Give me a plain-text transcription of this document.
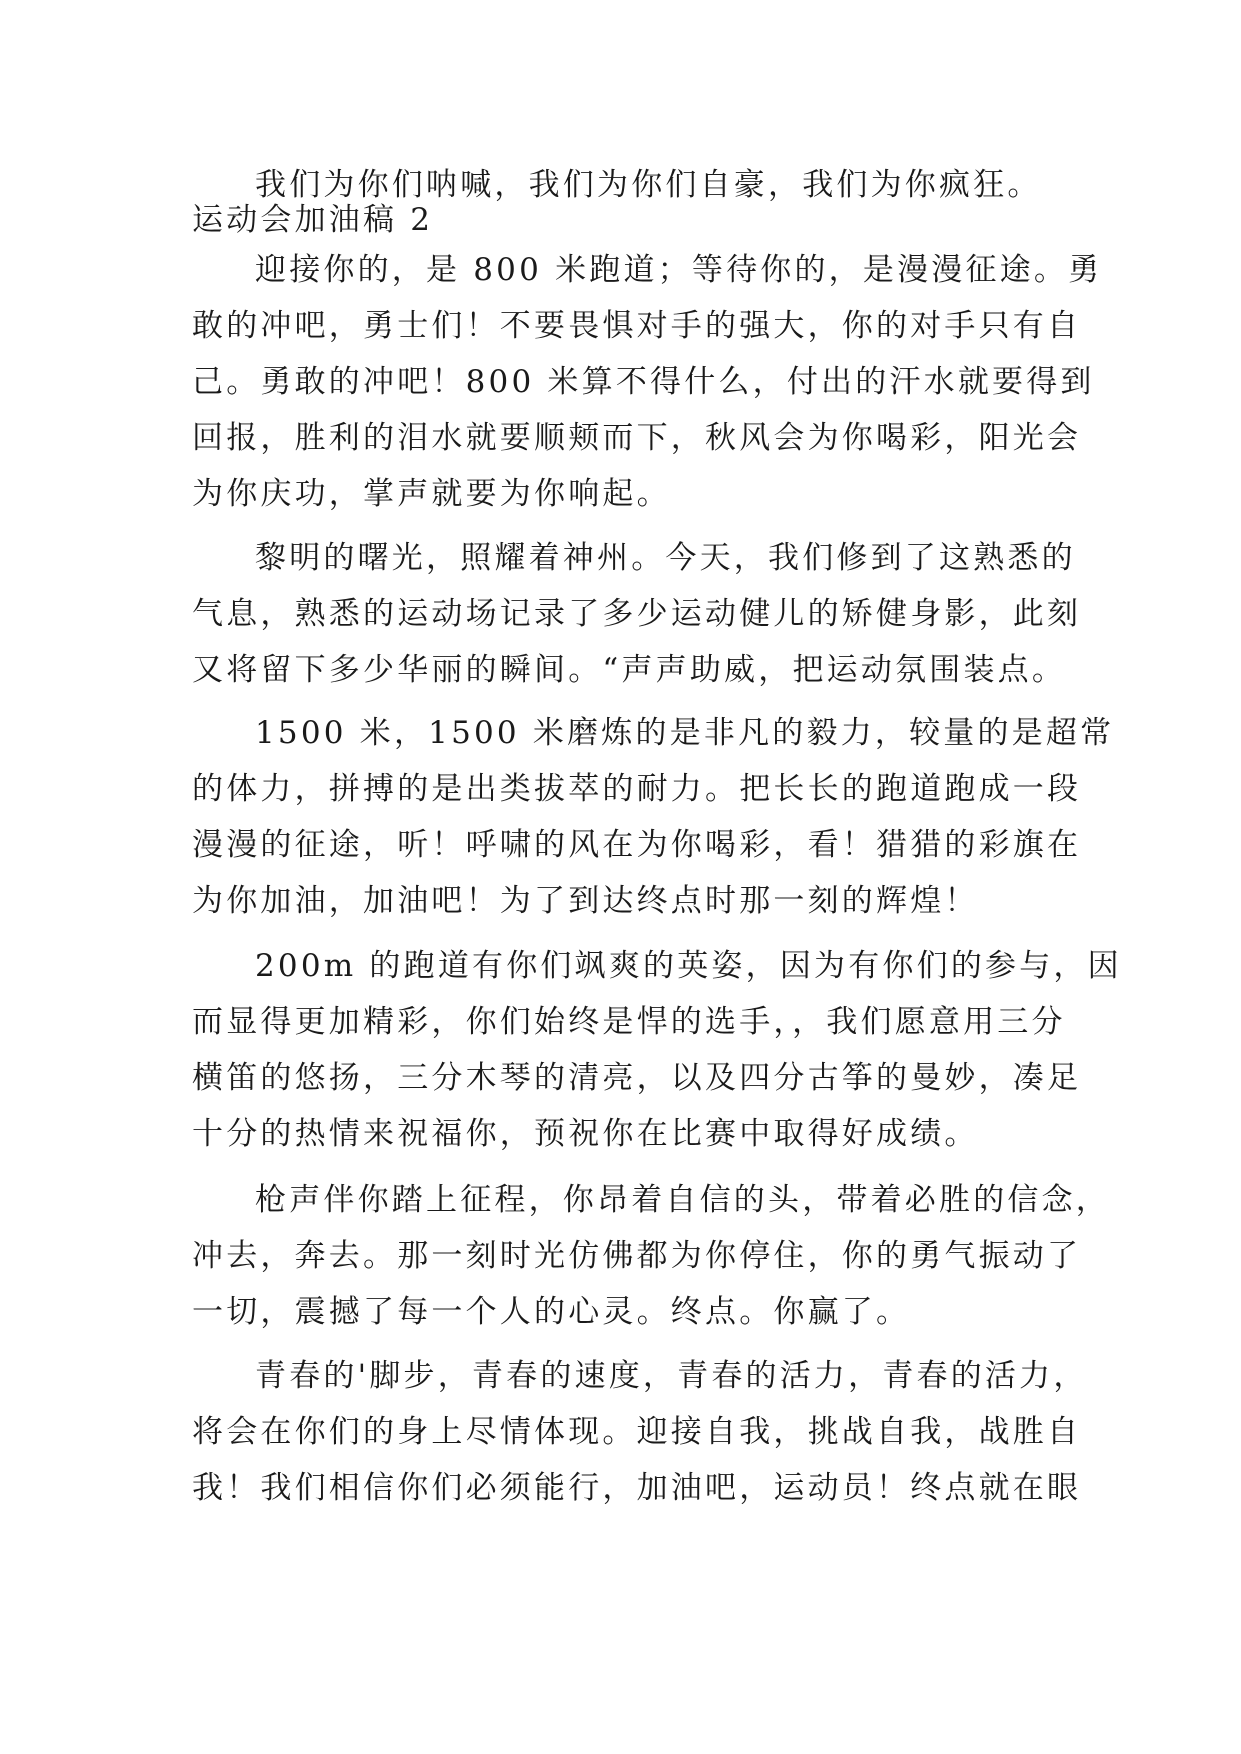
我们为你们呐喊，我们为你们自豪，我们为你疯狂。
运动会加油稿 2
迎接你的，是 800 米跑道；等待你的，是漫漫征途。勇
敢的冲吧，勇士们！不要畏惧对手的强大，你的对手只有自
己。勇敢的冲吧！800 米算不得什么，付出的汗水就要得到
回报，胜利的泪水就要顺颊而下，秋风会为你喝彩，阳光会
为你庆功，掌声就要为你响起。
黎明的曙光，照耀着神州。今天，我们修到了这熟悉的
气息，熟悉的运动场记录了多少运动健儿的矫健身影，此刻
又将留下多少华丽的瞬间。“声声助威，把运动氛围装点。
1500 米，1500 米磨炼的是非凡的毅力，较量的是超常
的体力，拼搏的是出类拔萃的耐力。把长长的跑道跑成一段
漫漫的征途，听！呼啸的风在为你喝彩，看！猎猎的彩旗在
为你加油，加油吧！为了到达终点时那一刻的辉煌！
200m 的跑道有你们飒爽的英姿，因为有你们的参与，因
而显得更加精彩，你们始终是悍的选手，，我们愿意用三分
横笛的悠扬，三分木琴的清亮，以及四分古筝的曼妙，凑足
十分的热情来祝福你，预祝你在比赛中取得好成绩。
枪声伴你踏上征程，你昂着自信的头，带着必胜的信念，
冲去，奔去。那一刻时光仿佛都为你停住，你的勇气振动了
一切，震撼了每一个人的心灵。终点。你赢了。
青春的'脚步，青春的速度，青春的活力，青春的活力，
将会在你们的身上尽情体现。迎接自我，挑战自我，战胜自
我！我们相信你们必须能行，加油吧，运动员！终点就在眼
